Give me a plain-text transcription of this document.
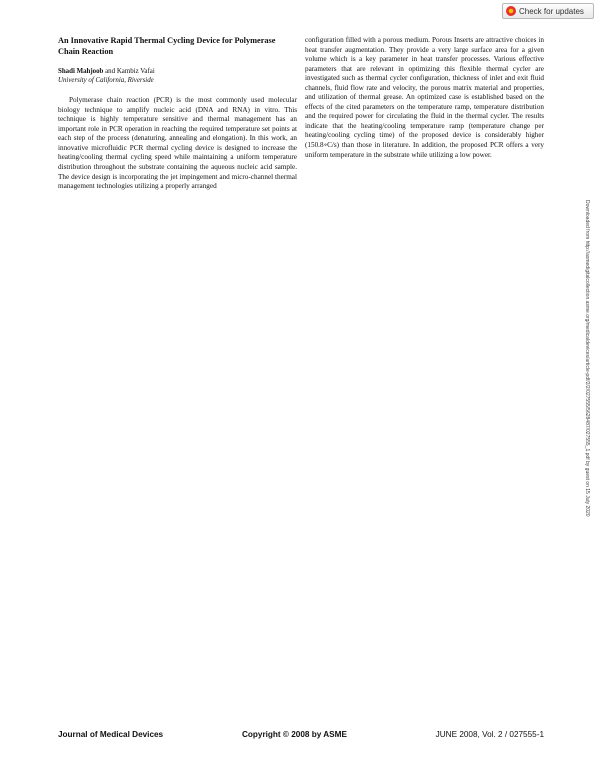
Check for updates
An Innovative Rapid Thermal Cycling Device for Polymerase Chain Reaction
Shadi Mahjoob and Kambiz Vafai
University of California, Riverside

Polymerase chain reaction (PCR) is the most commonly used molecular biology technique to amplify nucleic acid (DNA and RNA) in vitro. This technique is highly temperature sensitive and thermal management has an important role in PCR operation in reaching the required temperature set points at each step of the process (denaturing, annealing and elongation). In this work, an innovative microfluidic PCR thermal cycling device is designed to increase the heating/cooling thermal cycling speed while maintaining a uniform temperature distribution throughout the substrate containing the aqueous nucleic acid sample. The device design is incorporating the jet impingement and micro-channel thermal management technologies utilizing a properly arranged

configuration filled with a porous medium. Porous Inserts are attractive choices in heat transfer augmentation. They provide a very large surface area for a given volume which is a key parameter in heat transfer processes. Various effective parameters that are relevant in optimizing this flexible thermal cycler are investigated such as thermal cycler configuration, thickness of inlet and exit fluid channels, fluid flow rate and velocity, the porous matrix material and properties, and utilization of thermal grease. An optimized case is established based on the effects of the cited parameters on the temperature ramp, temperature distribution and the required power for circulating the fluid in the thermal cycler. The results indicate that the heating/cooling temperature ramp (temperature change per heating/cooling cycling time) of the proposed device is considerably higher (150.8∘C/s) than those in literature. In addition, the proposed PCR offers a very uniform temperature in the substrate while utilizing a low power.

Downloaded from http://asmedigitalcollection.asme.org/medicaldevices/article-pdf/2/2/027555/5628487/027555_1.pdf by guest on 15 July 2020
Journal of Medical Devices	Copyright © 2008 by ASME	JUNE 2008, Vol. 2 / 027555-1
